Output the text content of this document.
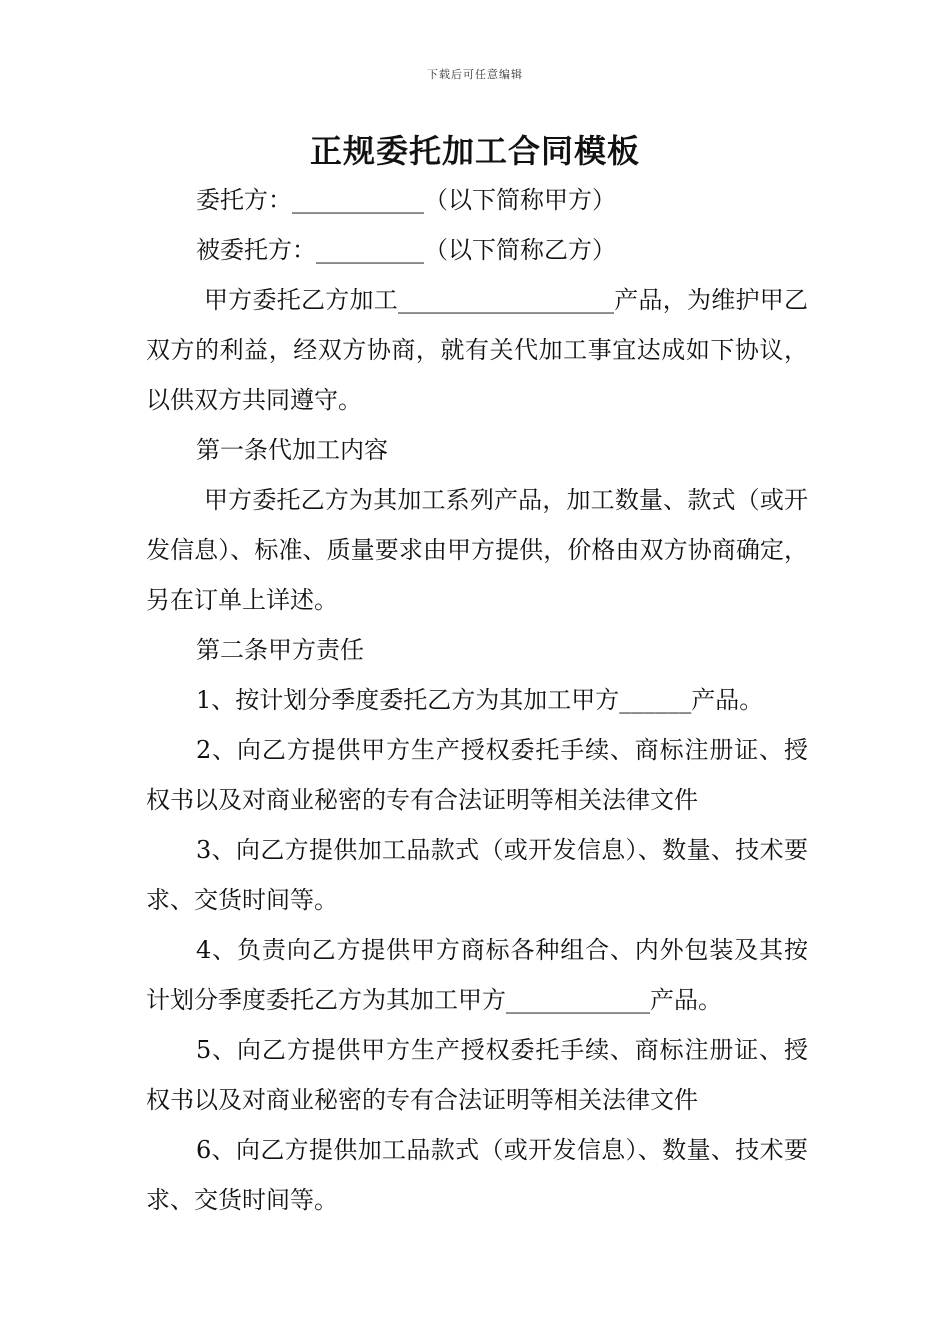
下载后可任意编辑
正规委托加工合同模板

委托方：___________（以下简称甲方）

被委托方：_________（以下简称乙方）

甲方委托乙方加工__________________产品，为维护甲乙双方的利益，经双方协商，就有关代加工事宜达成如下协议，以供双方共同遵守。

第一条代加工内容

甲方委托乙方为其加工系列产品，加工数量、款式（或开发信息）、标准、质量要求由甲方提供，价格由双方协商确定，另在订单上详述。

第二条甲方责任

1、按计划分季度委托乙方为其加工甲方______产品。

2、向乙方提供甲方生产授权委托手续、商标注册证、授权书以及对商业秘密的专有合法证明等相关法律文件

3、向乙方提供加工品款式（或开发信息）、数量、技术要求、交货时间等。

4、负责向乙方提供甲方商标各种组合、内外包装及其按计划分季度委托乙方为其加工甲方____________产品。

5、向乙方提供甲方生产授权委托手续、商标注册证、授权书以及对商业秘密的专有合法证明等相关法律文件

6、向乙方提供加工品款式（或开发信息）、数量、技术要求、交货时间等。
